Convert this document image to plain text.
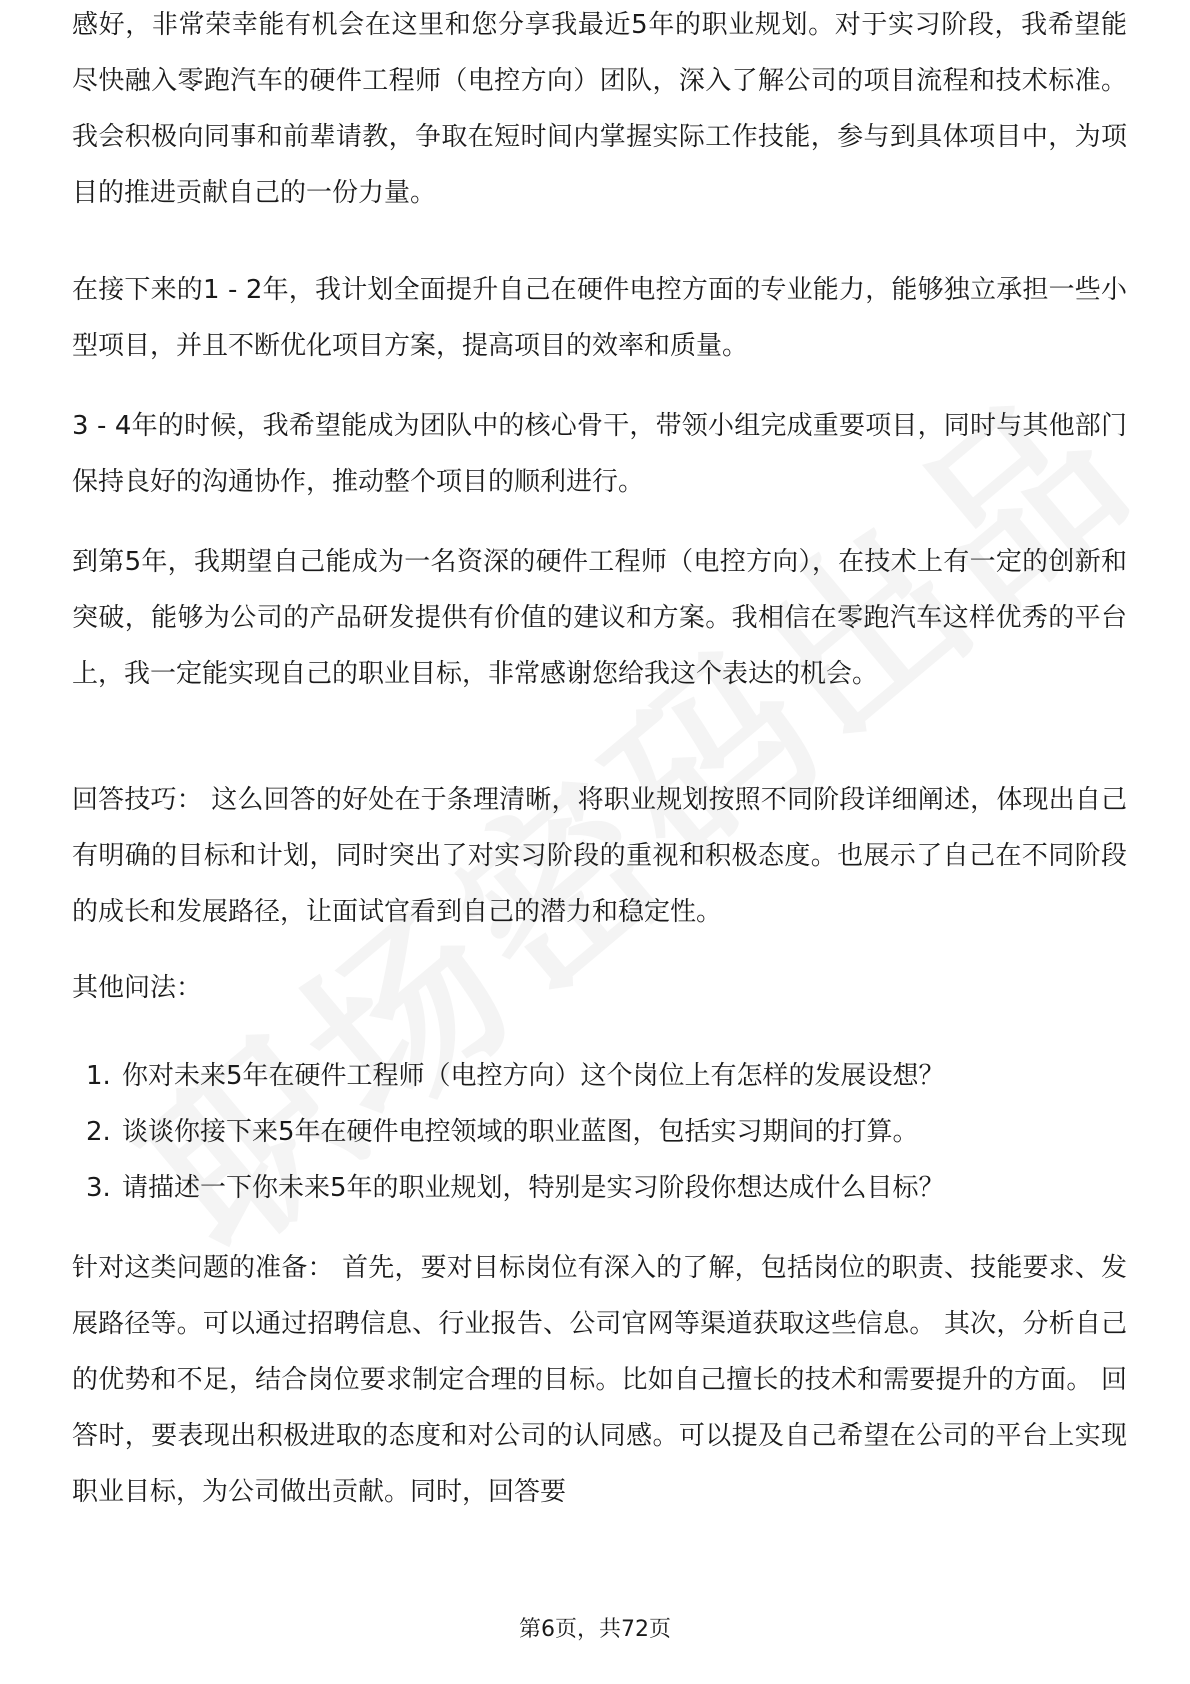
感好，非常荣幸能有机会在这里和您分享我最近5年的职业规划。对于实习阶段，我希望能尽快融入零跑汽车的硬件工程师（电控方向）团队，深入了解公司的项目流程和技术标准。我会积极向同事和前辈请教，争取在短时间内掌握实际工作技能，参与到具体项目中，为项目的推进贡献自己的一份力量。

在接下来的1 - 2年，我计划全面提升自己在硬件电控方面的专业能力，能够独立承担一些小型项目，并且不断优化项目方案，提高项目的效率和质量。

3 - 4年的时候，我希望能成为团队中的核心骨干，带领小组完成重要项目，同时与其他部门保持良好的沟通协作，推动整个项目的顺利进行。

到第5年，我期望自己能成为一名资深的硬件工程师（电控方向），在技术上有一定的创新和突破，能够为公司的产品研发提供有价值的建议和方案。我相信在零跑汽车这样优秀的平台上，我一定能实现自己的职业目标，非常感谢您给我这个表达的机会。

回答技巧： 这么回答的好处在于条理清晰，将职业规划按照不同阶段详细阐述，体现出自己有明确的目标和计划，同时突出了对实习阶段的重视和积极态度。也展示了自己在不同阶段的成长和发展路径，让面试官看到自己的潜力和稳定性。

其他问法：

1. 你对未来5年在硬件工程师（电控方向）这个岗位上有怎样的发展设想？
2. 谈谈你接下来5年在硬件电控领域的职业蓝图，包括实习期间的打算。
3. 请描述一下你未来5年的职业规划，特别是实习阶段你想达成什么目标？

针对这类问题的准备： 首先，要对目标岗位有深入的了解，包括岗位的职责、技能要求、发展路径等。可以通过招聘信息、行业报告、公司官网等渠道获取这些信息。 其次，分析自己的优势和不足，结合岗位要求制定合理的目标。比如自己擅长的技术和需要提升的方面。 回答时，要表现出积极进取的态度和对公司的认同感。可以提及自己希望在公司的平台上实现职业目标，为公司做出贡献。同时，回答要

第6页，共72页
